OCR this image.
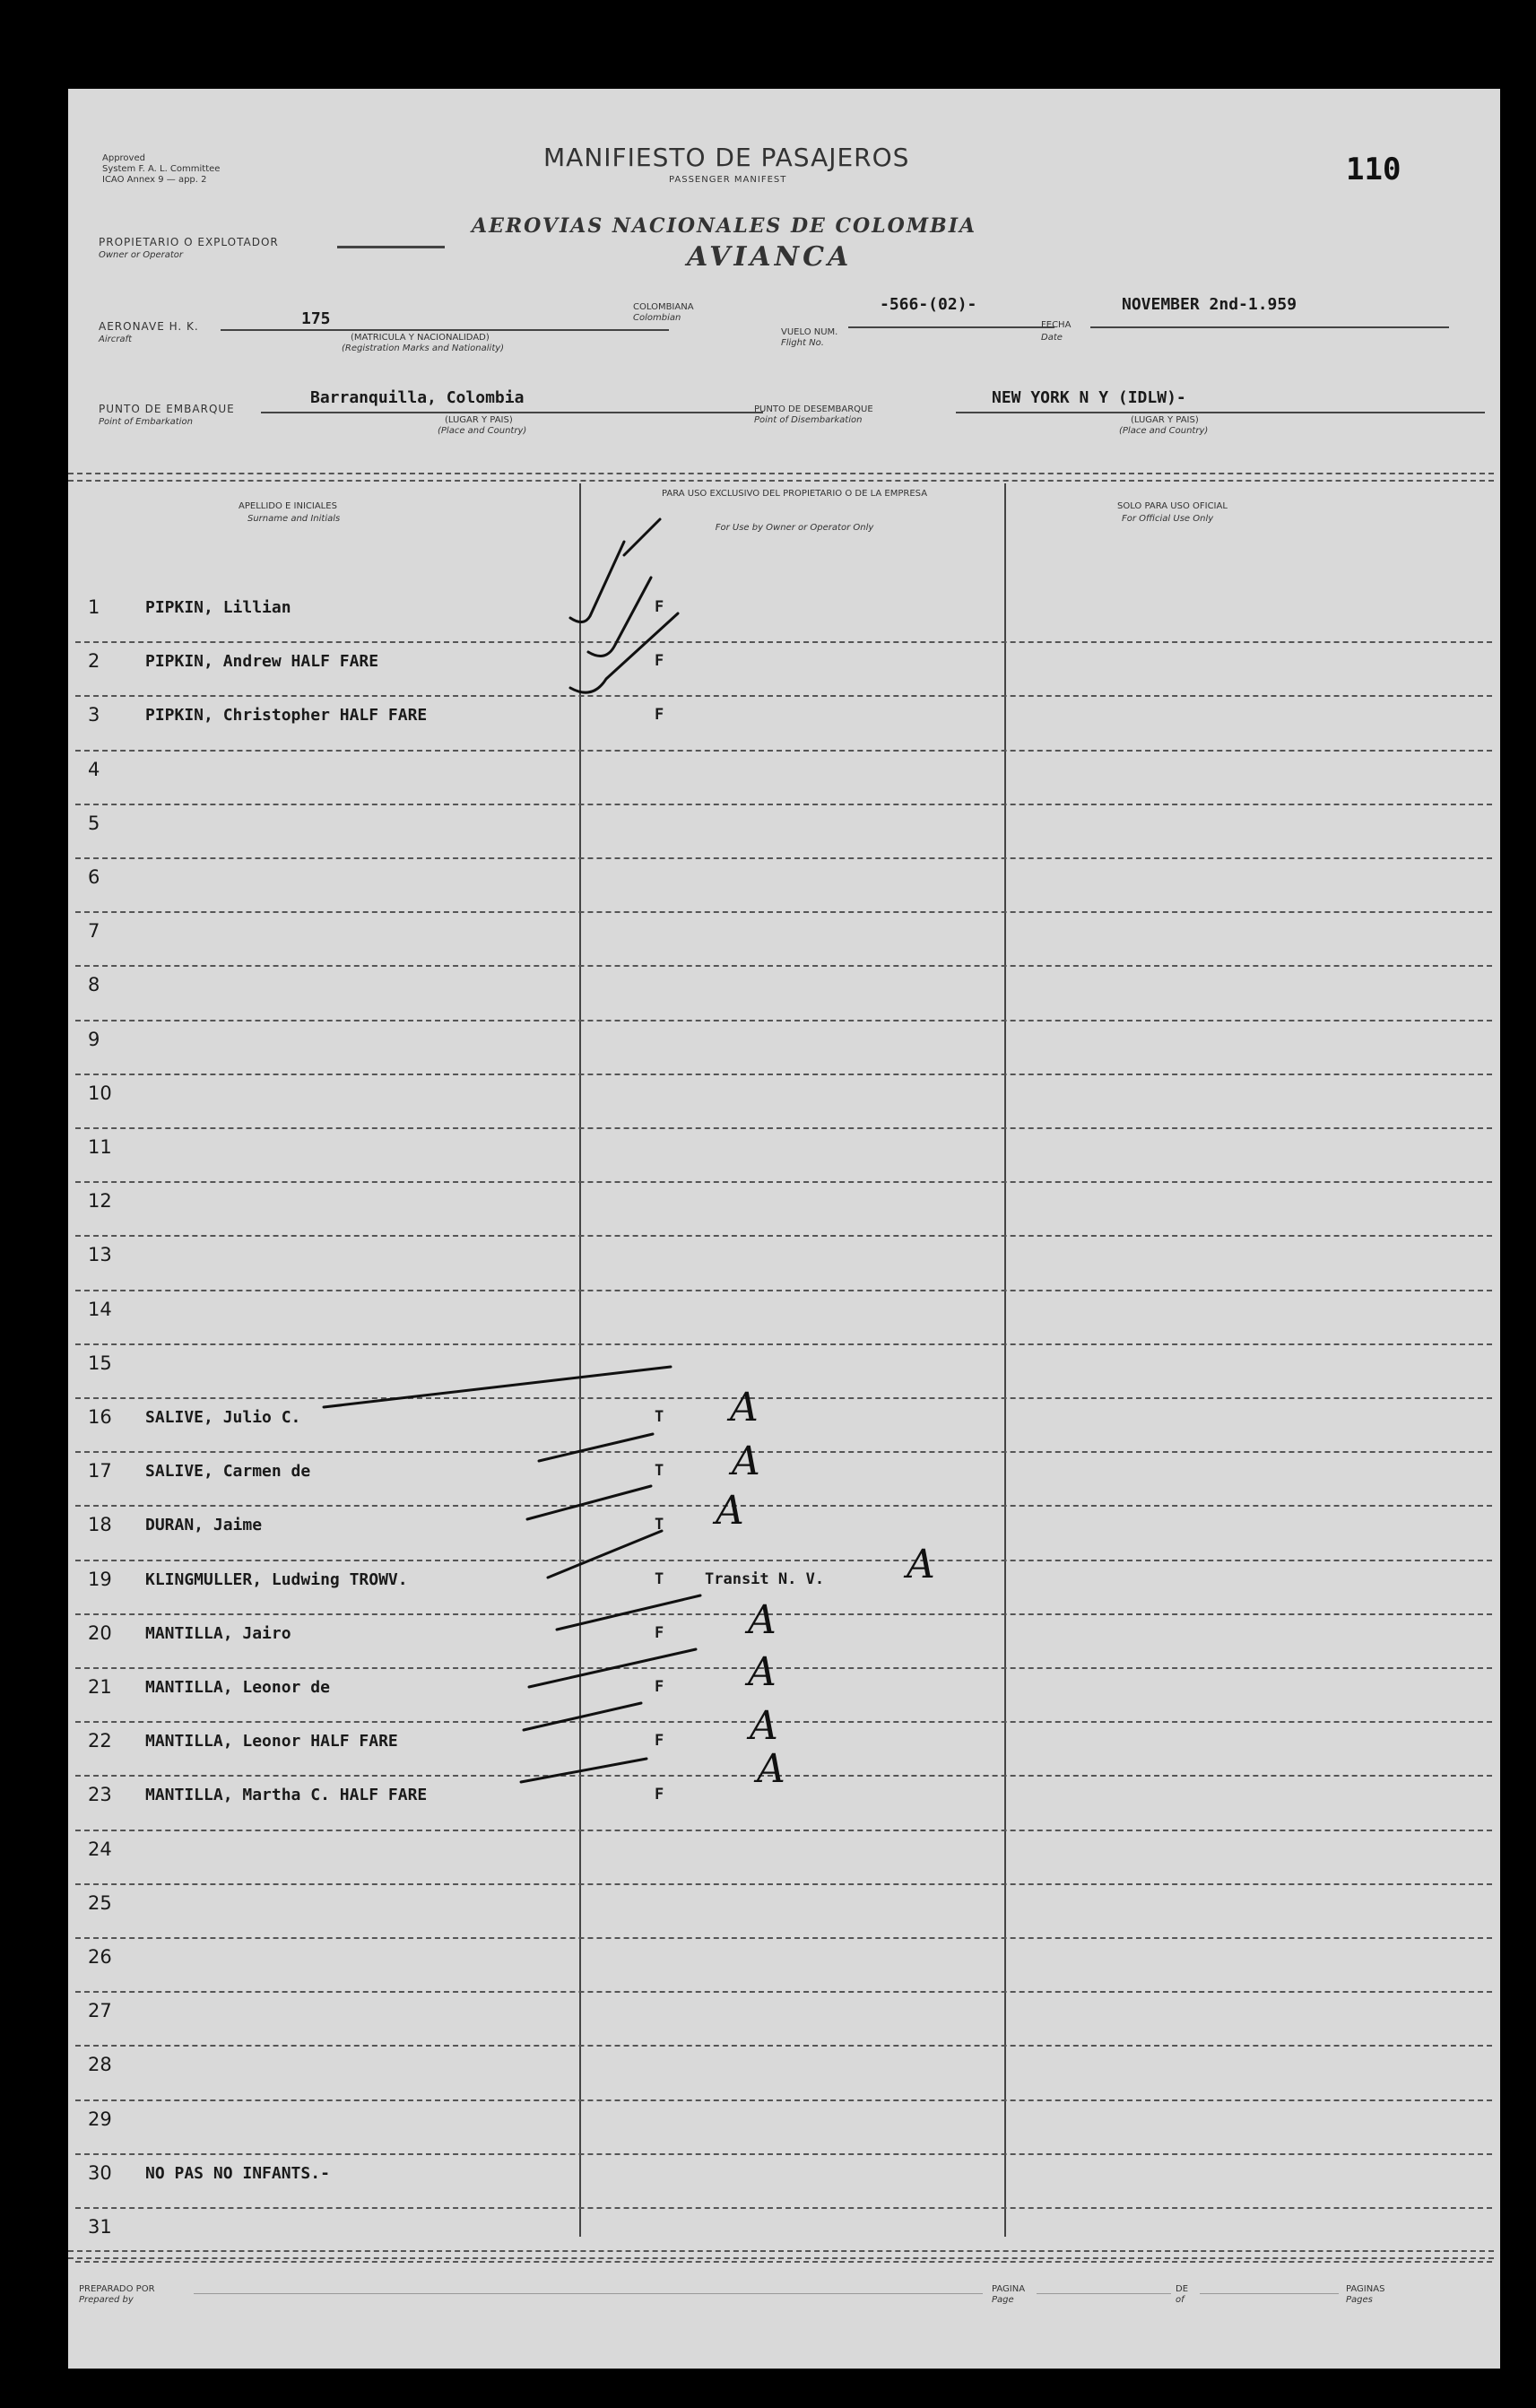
Approved
System F. A. L. Committee
ICAO Annex 9 — app. 2
MANIFIESTO DE PASAJEROS
PASSENGER MANIFEST	110
AEROVIAS NACIONALES DE COLOMBIA
AVIANCA
PROPIETARIO O EXPLOTADOR
Owner or Operator
AERONAVE H. K.
Aircraft
175
(MATRICULA Y NACIONALIDAD)
(Registration Marks and Nationality)
COLOMBIANA
Colombian
VUELO NUM.
Flight No.
-566-(02)-
FECHA
Date
NOVEMBER 2nd-1.959
PUNTO DE EMBARQUE
Point of Embarkation
Barranquilla, Colombia
(LUGAR Y PAIS)
(Place and Country)
PUNTO DE DESEMBARQUE
Point of Disembarkation
NEW YORK N Y (IDLW)-
(LUGAR Y PAIS)
(Place and Country)
APELLIDO E INICIALES
Surname and Initials
PARA USO EXCLUSIVO DEL PROPIETARIO O DE LA EMPRESA
For Use by Owner or Operator Only
SOLO PARA USO OFICIAL
For Official Use Only
1	PIPKIN, Lillian	F
2	PIPKIN, Andrew HALF FARE	F
3	PIPKIN, Christopher HALF FARE	F
4
5
6
7
8
9
10
11
12
13
14
15
16	SALIVE, Julio C.	T
17	SALIVE, Carmen de	T
18	DURAN, Jaime	T
19	KLINGMULLER, Ludwing TROWV.	T	Transit N. V.
20	MANTILLA, Jairo	F
21	MANTILLA, Leonor de	F
22	MANTILLA, Leonor HALF FARE	F
23	MANTILLA, Martha C. HALF FARE	F
24
25
26
27
28
29
30	NO PAS NO INFANTS.-
31
A
A
A
A
A
A
A
A
PREPARADO POR
Prepared by
PAGINA
Page
DE
of
PAGINAS
Pages
